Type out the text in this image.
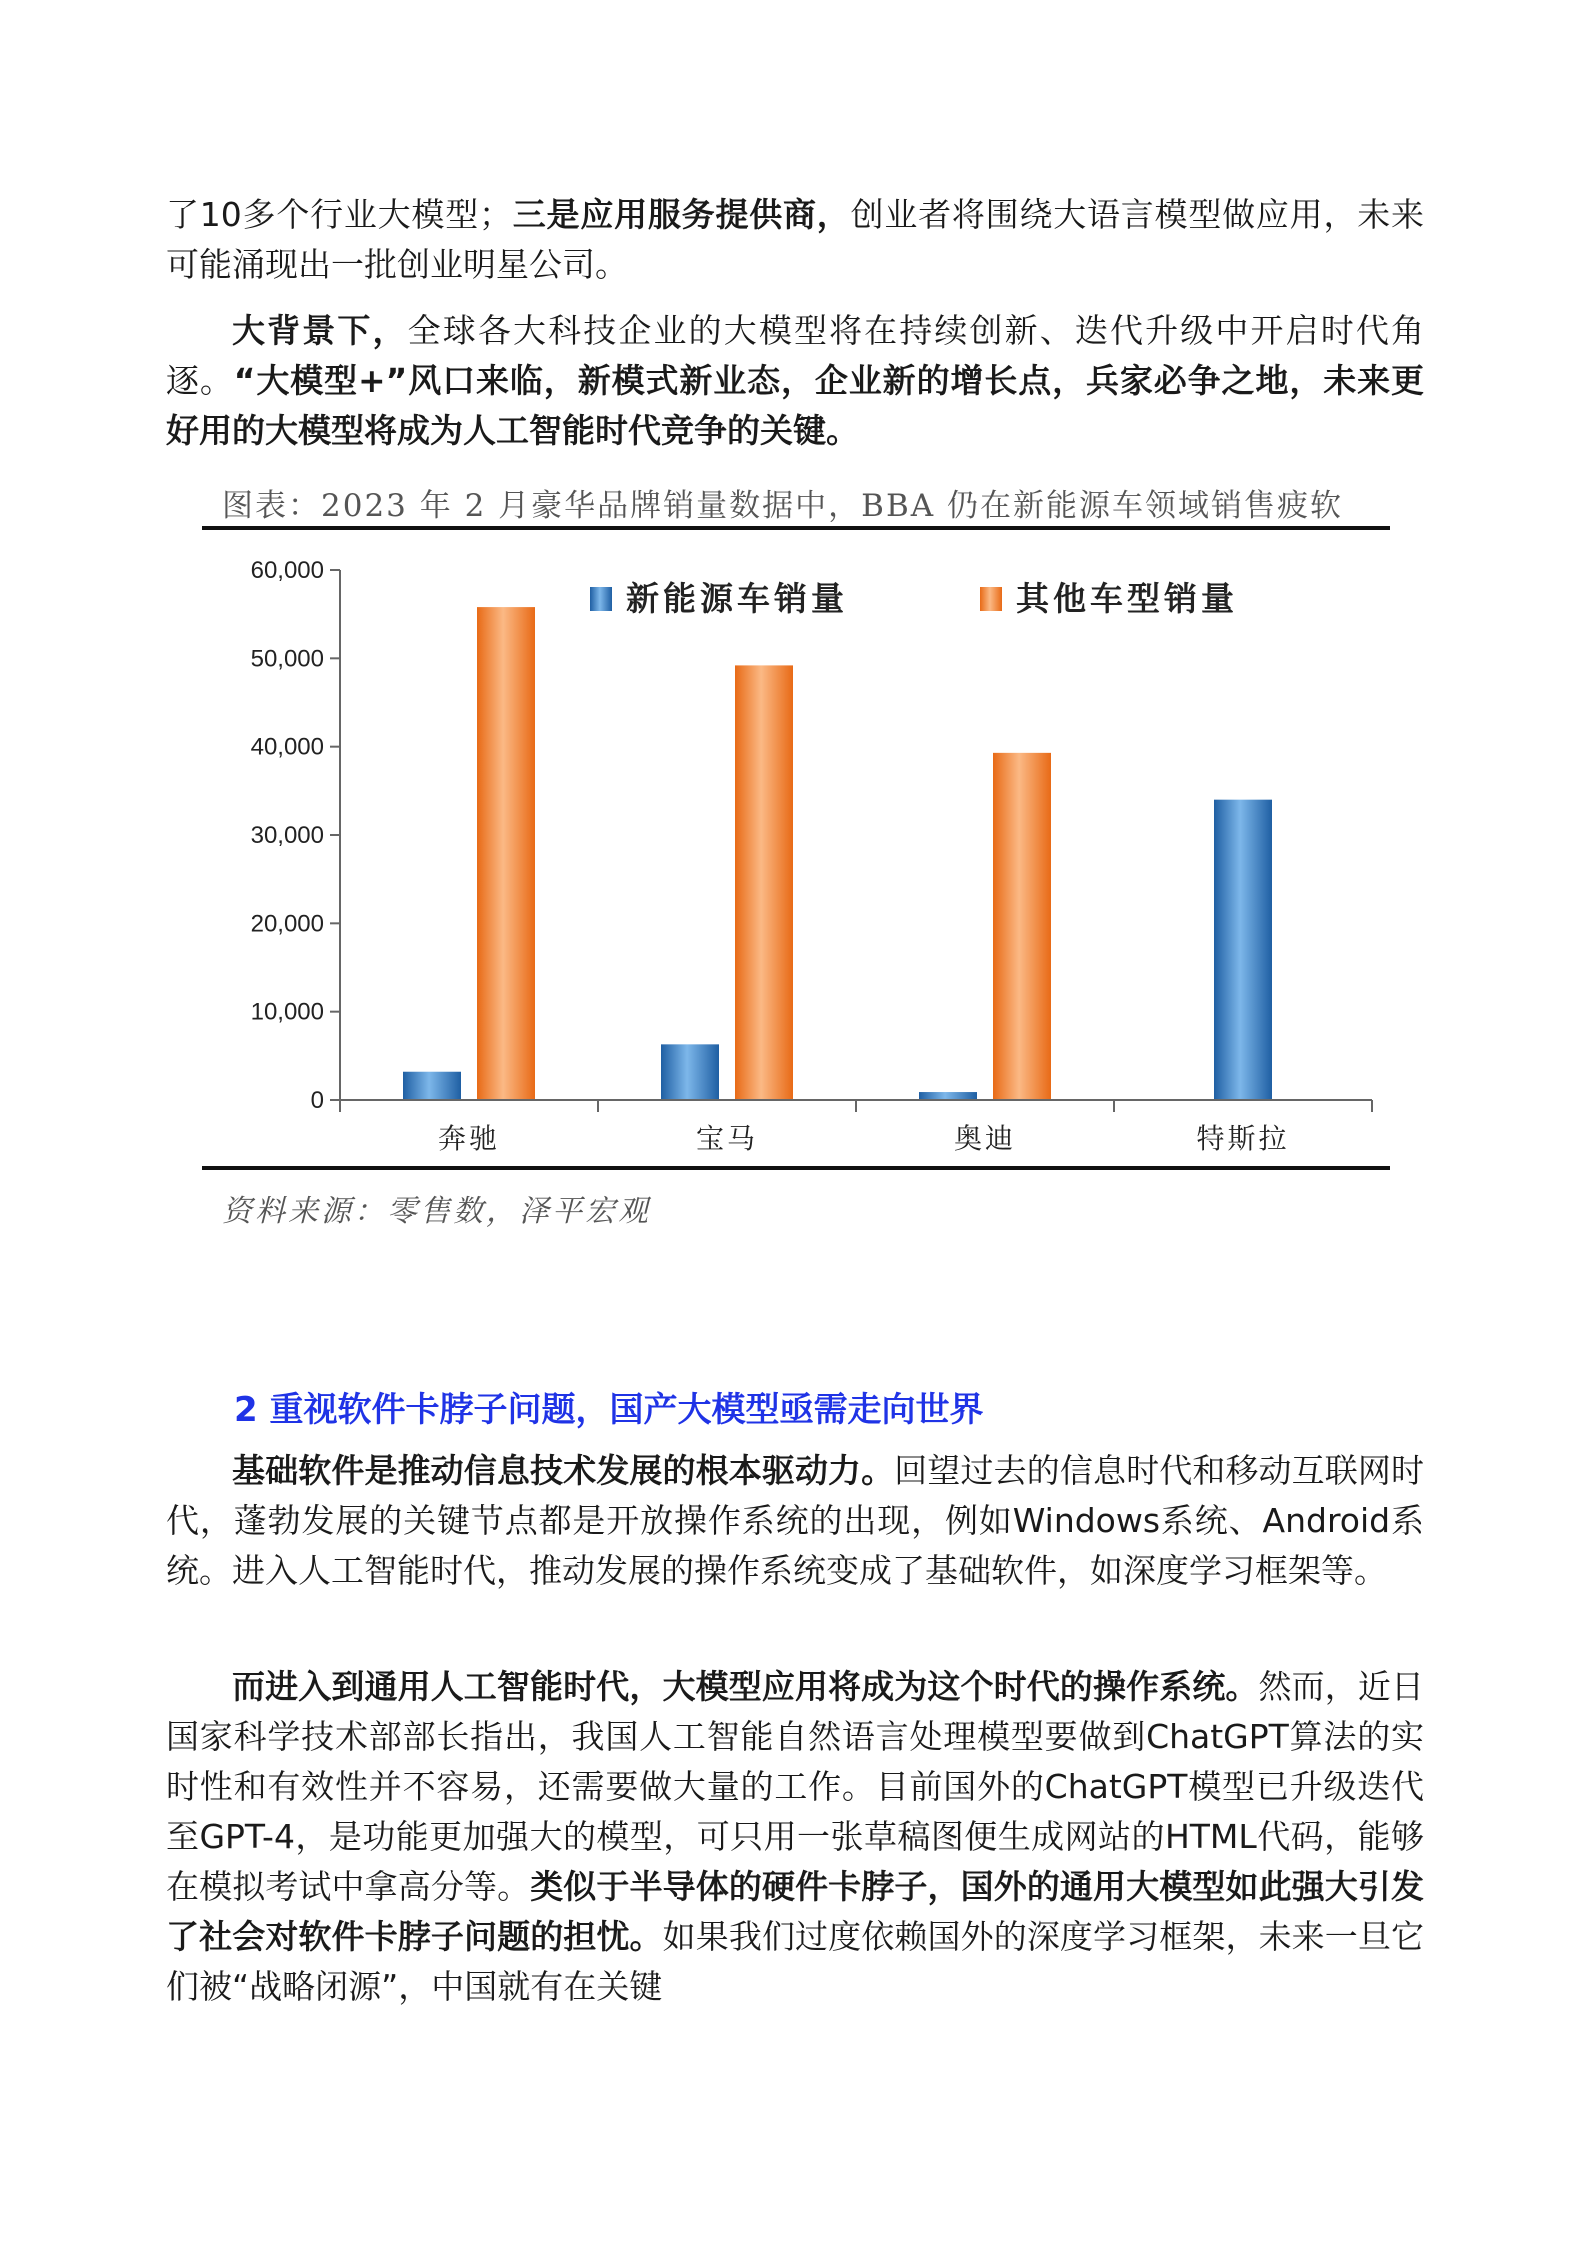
了10多个行业大模型；三是应用服务提供商，创业者将围绕大语言模型做应用，未来可能涌现出一批创业明星公司。

大背景下，全球各大科技企业的大模型将在持续创新、迭代升级中开启时代角逐。“大模型+”风口来临，新模式新业态，企业新的增长点，兵家必争之地，未来更好用的大模型将成为人工智能时代竞争的关键。

图表：2023 年 2 月豪华品牌销量数据中，BBA 仍在新能源车领域销售疲软
0
10,000
20,000
30,000
40,000
50,000
60,000
奔驰	宝马	奥迪	特斯拉
新能源车销量	其他车型销量
资料来源：零售数，泽平宏观
2 重视软件卡脖子问题，国产大模型亟需走向世界

基础软件是推动信息技术发展的根本驱动力。回望过去的信息时代和移动互联网时代，蓬勃发展的关键节点都是开放操作系统的出现，例如Windows系统、Android系统。进入人工智能时代，推动发展的操作系统变成了基础软件，如深度学习框架等。

而进入到通用人工智能时代，大模型应用将成为这个时代的操作系统。然而，近日国家科学技术部部长指出，我国人工智能自然语言处理模型要做到ChatGPT算法的实时性和有效性并不容易，还需要做大量的工作。目前国外的ChatGPT模型已升级迭代至GPT-4，是功能更加强大的模型，可只用一张草稿图便生成网站的HTML代码，能够在模拟考试中拿高分等。类似于半导体的硬件卡脖子，国外的通用大模型如此强大引发了社会对软件卡脖子问题的担忧。如果我们过度依赖国外的深度学习框架，未来一旦它们被“战略闭源”，中国就有在关键
